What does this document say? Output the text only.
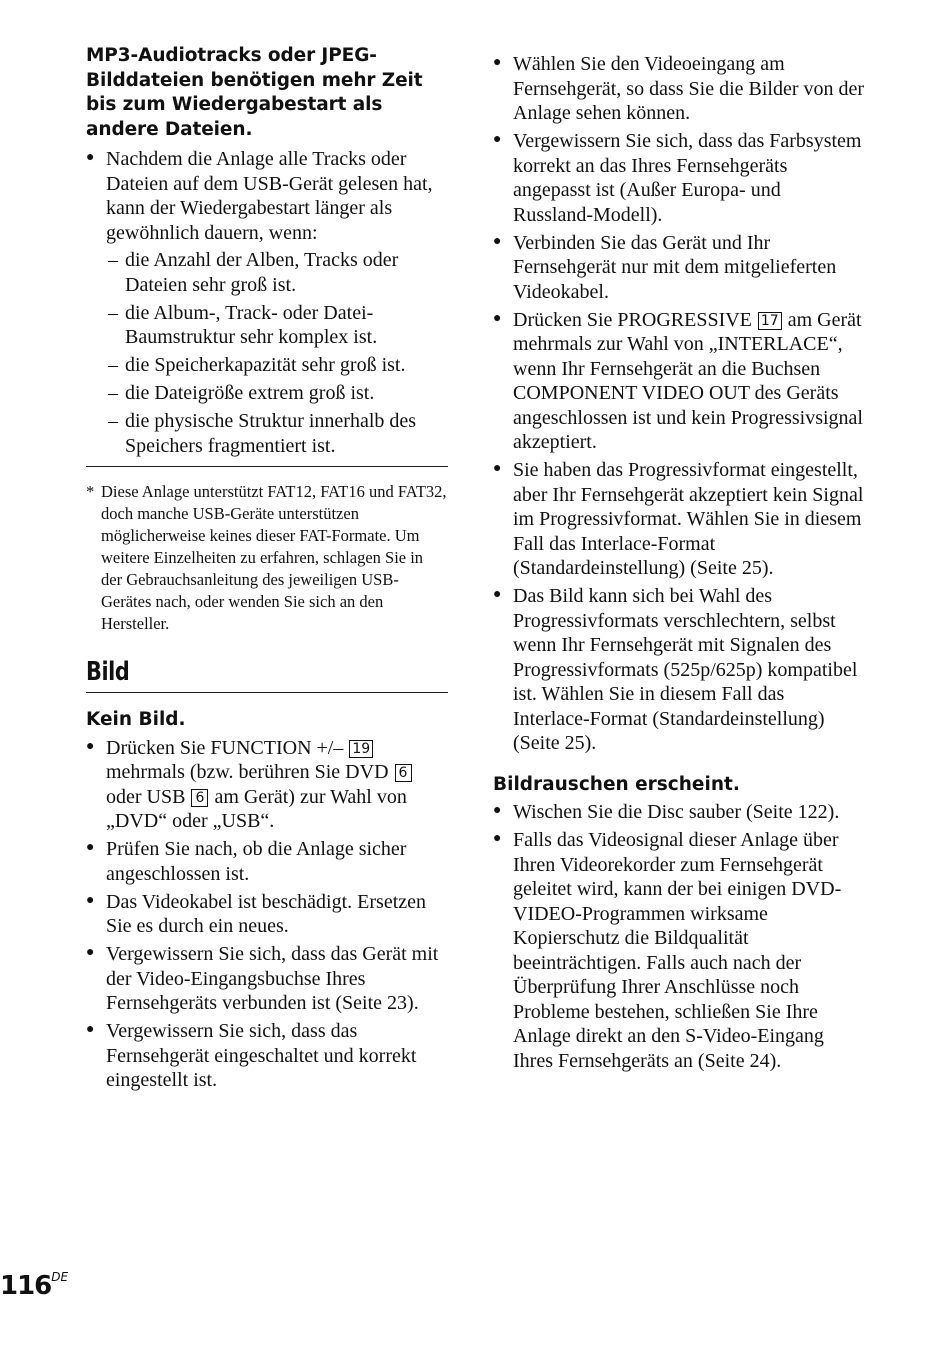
MP3-Audiotracks oder JPEG-Bilddateien benötigen mehr Zeit bis zum Wiedergabestart als andere Dateien.

● Nachdem die Anlage alle Tracks oder Dateien auf dem USB-Gerät gelesen hat, kann der Wiedergabestart länger als gewöhnlich dauern, wenn:
– die Anzahl der Alben, Tracks oder Dateien sehr groß ist.
– die Album-, Track- oder Datei-Baumstruktur sehr komplex ist.
– die Speicherkapazität sehr groß ist.
– die Dateigröße extrem groß ist.
– die physische Struktur innerhalb des Speichers fragmentiert ist.

* Diese Anlage unterstützt FAT12, FAT16 und FAT32, doch manche USB-Geräte unterstützen möglicherweise keines dieser FAT-Formate. Um weitere Einzelheiten zu erfahren, schlagen Sie in der Gebrauchsanleitung des jeweiligen USB-Gerätes nach, oder wenden Sie sich an den Hersteller.

Bild

Kein Bild.

● Drücken Sie FUNCTION +/– 19 mehrmals (bzw. berühren Sie DVD 6 oder USB 6 am Gerät) zur Wahl von „DVD“ oder „USB“.
● Prüfen Sie nach, ob die Anlage sicher angeschlossen ist.
● Das Videokabel ist beschädigt. Ersetzen Sie es durch ein neues.
● Vergewissern Sie sich, dass das Gerät mit der Video-Eingangsbuchse Ihres Fernsehgeräts verbunden ist (Seite 23).
● Vergewissern Sie sich, dass das Fernsehgerät eingeschaltet und korrekt eingestellt ist.
● Wählen Sie den Videoeingang am Fernsehgerät, so dass Sie die Bilder von der Anlage sehen können.
● Vergewissern Sie sich, dass das Farbsystem korrekt an das Ihres Fernsehgeräts angepasst ist (Außer Europa- und Russland-Modell).
● Verbinden Sie das Gerät und Ihr Fernsehgerät nur mit dem mitgelieferten Videokabel.
● Drücken Sie PROGRESSIVE 17 am Gerät mehrmals zur Wahl von „INTERLACE“, wenn Ihr Fernsehgerät an die Buchsen COMPONENT VIDEO OUT des Geräts angeschlossen ist und kein Progressivsignal akzeptiert.
● Sie haben das Progressivformat eingestellt, aber Ihr Fernsehgerät akzeptiert kein Signal im Progressivformat. Wählen Sie in diesem Fall das Interlace-Format (Standardeinstellung) (Seite 25).
● Das Bild kann sich bei Wahl des Progressivformats verschlechtern, selbst wenn Ihr Fernsehgerät mit Signalen des Progressivformats (525p/625p) kompatibel ist. Wählen Sie in diesem Fall das Interlace-Format (Standardeinstellung) (Seite 25).

Bildrauschen erscheint.

● Wischen Sie die Disc sauber (Seite 122).
● Falls das Videosignal dieser Anlage über Ihren Videorekorder zum Fernsehgerät geleitet wird, kann der bei einigen DVD-VIDEO-Programmen wirksame Kopierschutz die Bildqualität beeinträchtigen. Falls auch nach der Überprüfung Ihrer Anschlüsse noch Probleme bestehen, schließen Sie Ihre Anlage direkt an den S-Video-Eingang Ihres Fernsehgeräts an (Seite 24).
116DE
